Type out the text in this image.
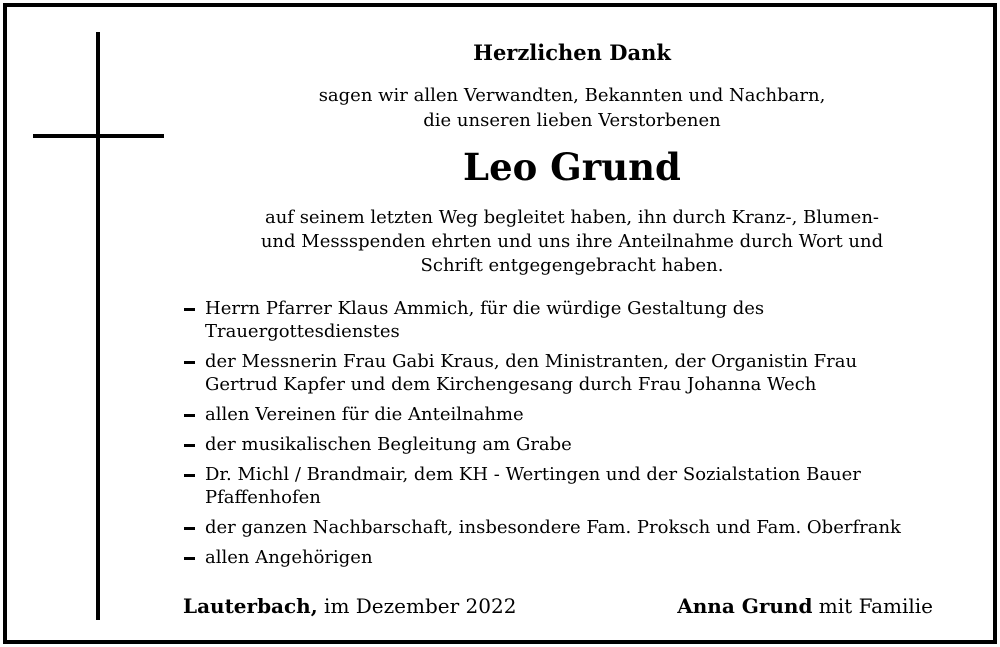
Herzlichen Dank
sagen wir allen Verwandten, Bekannten und Nachbarn,
die unseren lieben Verstorbenen
Leo Grund
auf seinem letzten Weg begleitet haben, ihn durch Kranz-, Blumen-
und Messspenden ehrten und uns ihre Anteilnahme durch Wort und
Schrift entgegengebracht haben.
Herrn Pfarrer Klaus Ammich, für die würdige Gestaltung des
Trauergottesdienstes
der Messnerin Frau Gabi Kraus, den Ministranten, der Organistin Frau
Gertrud Kapfer und dem Kirchengesang durch Frau Johanna Wech
allen Vereinen für die Anteilnahme
der musikalischen Begleitung am Grabe
Dr. Michl / Brandmair, dem KH - Wertingen und der Sozialstation Bauer
Pfaffenhofen
der ganzen Nachbarschaft, insbesondere Fam. Proksch und Fam. Oberfrank
allen Angehörigen
Lauterbach, im Dezember 2022	Anna Grund mit Familie
